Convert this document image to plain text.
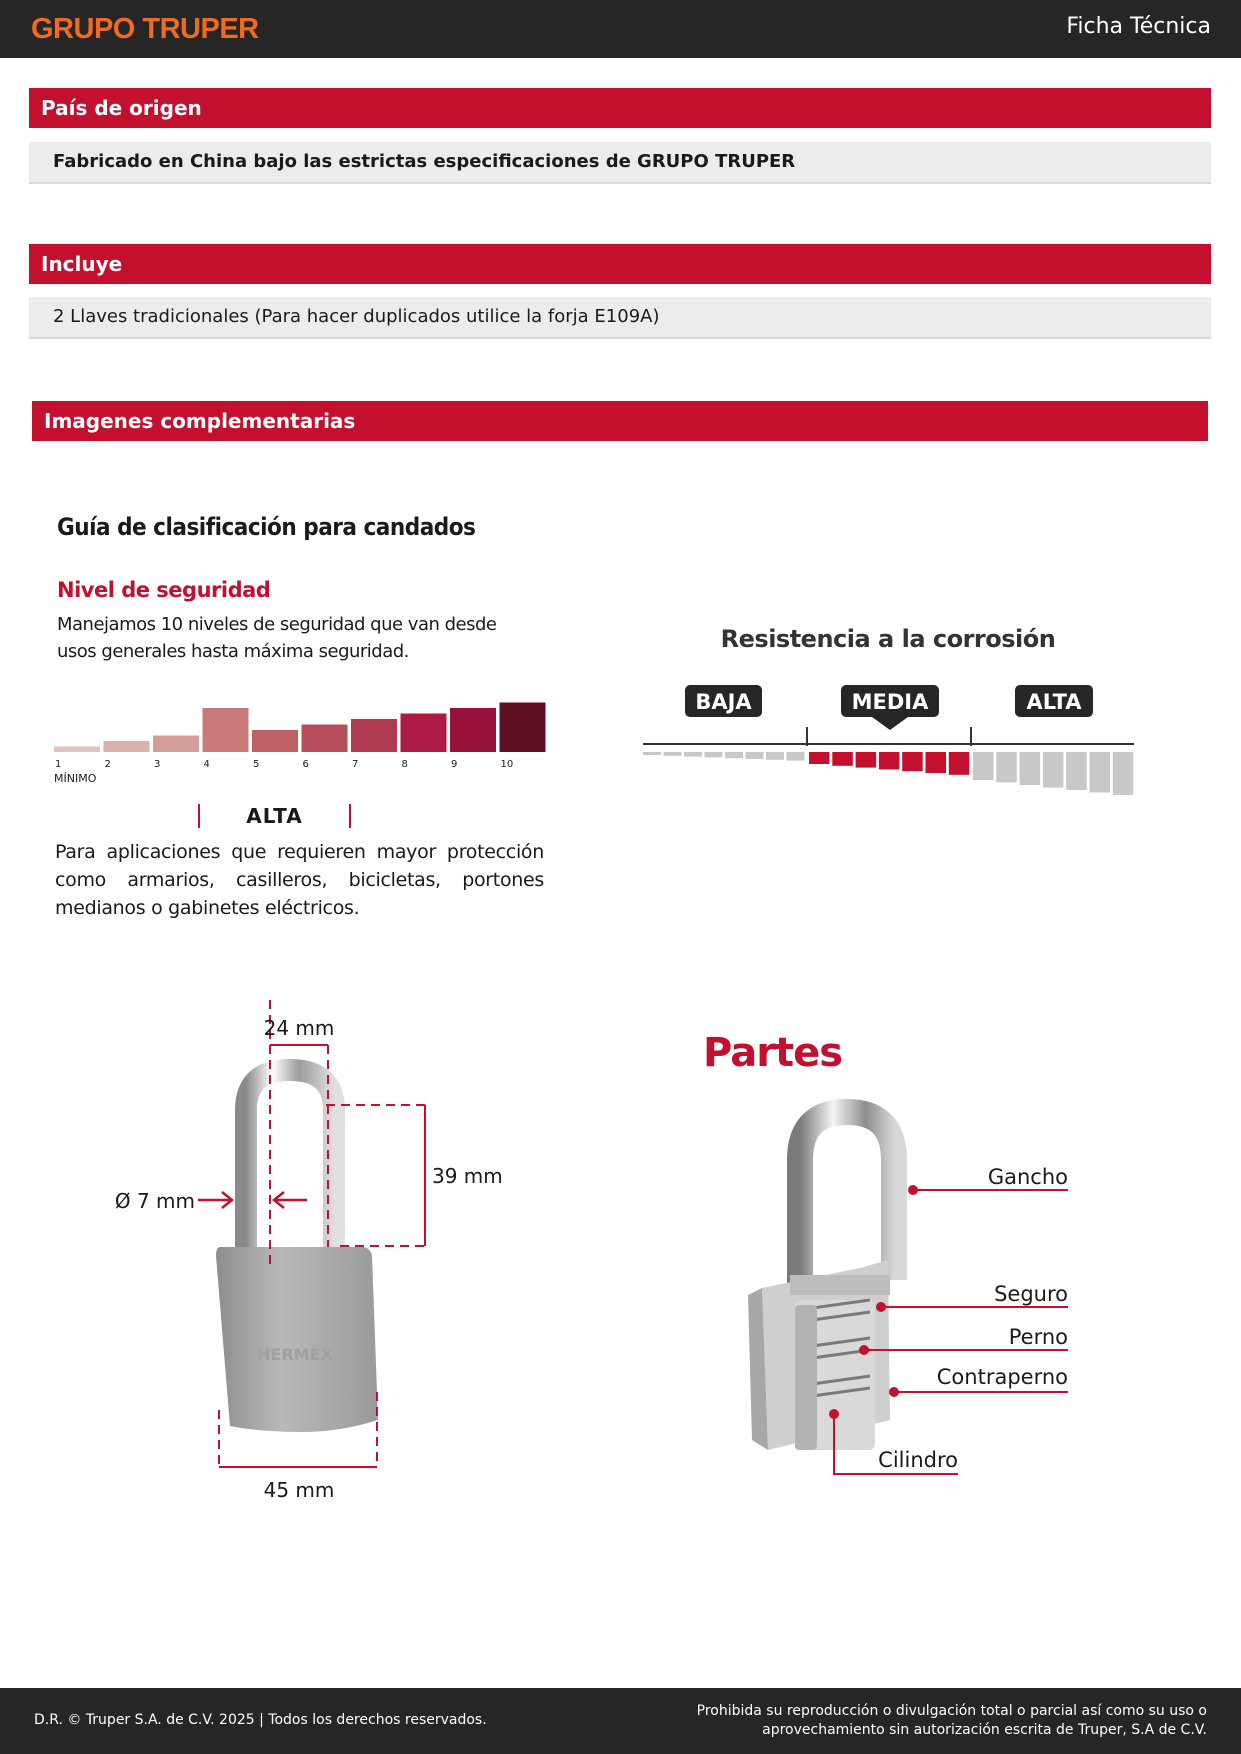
GRUPO TRUPER	Ficha Técnica
País de origen
Fabricado en China bajo las estrictas especificaciones de GRUPO TRUPER
Incluye
2 Llaves tradicionales (Para hacer duplicados utilice la forja E109A)
Imagenes complementarias
Guía de clasificación para candados
Nivel de seguridad
Manejamos 10 niveles de seguridad que van desde usos generales hasta máxima seguridad.
1	2	3	4	5	6	7	8	9	10
MÍNIMO
ALTA
Para aplicaciones que requieren mayor protección como armarios, casilleros, bicicletas, portones medianos o gabinetes eléctricos.
Resistencia a la corrosión
BAJA	MEDIA	ALTA
HERMEX
24 mm
39 mm
Ø 7 mm
45 mm
Partes
Gancho
Seguro
Perno
Contraperno
Cilindro
D.R. © Truper S.A. de C.V. 2025 | Todos los derechos reservados.
Prohibida su reproducción o divulgación total o parcial así como su uso o
aprovechamiento sin autorización escrita de Truper, S.A de C.V.
